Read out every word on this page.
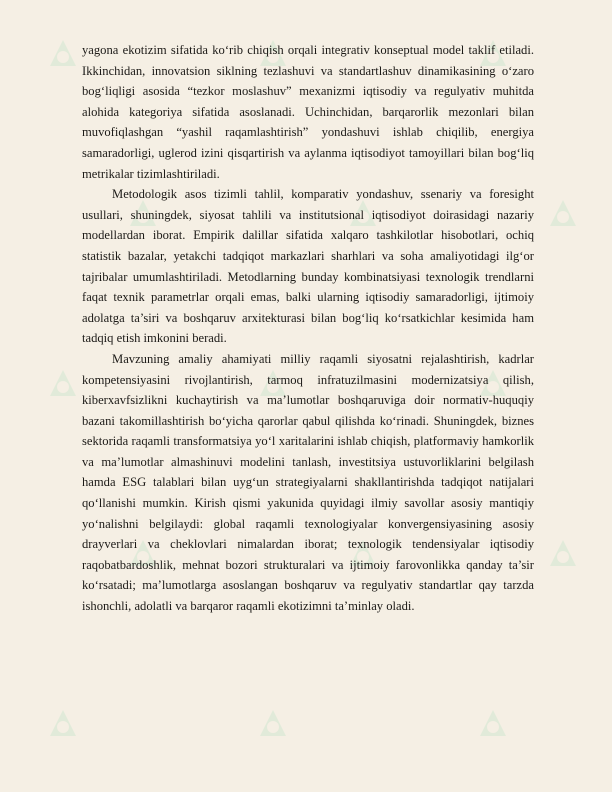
yagona ekotizim sifatida ko‘rib chiqish orqali integrativ konseptual model taklif etiladi. Ikkinchidan, innovatsion siklning tezlashuvi va standartlashuv dinamikasining o‘zaro bog‘liqligi asosida “tezkor moslashuv” mexanizmi iqtisodiy va regulyativ muhitda alohida kategoriya sifatida asoslanadi. Uchinchidan, barqarorlik mezonlari bilan muvofiqlashgan “yashil raqamlashtirish” yondashuvi ishlab chiqilib, energiya samaradorligi, uglerod izini qisqartirish va aylanma iqtisodiyot tamoyillari bilan bog‘liq metrikalar tizimlashtiriladi.

Metodologik asos tizimli tahlil, komparativ yondashuv, ssenariy va foresight usullari, shuningdek, siyosat tahlili va institutsional iqtisodiyot doirasidagi nazariy modellardan iborat. Empirik dalillar sifatida xalqaro tashkilotlar hisobotlari, ochiq statistik bazalar, yetakchi tadqiqot markazlari sharhlari va soha amaliyotidagi ilg‘or tajribalar umumlashtiriladi. Metodlarning bunday kombinatsiyasi texnologik trendlarni faqat texnik parametrlar orqali emas, balki ularning iqtisodiy samaradorligi, ijtimoiy adolatga ta’siri va boshqaruv arxitekturasi bilan bog‘liq ko‘rsatkichlar kesimida ham tadqiq etish imkonini beradi.

Mavzuning amaliy ahamiyati milliy raqamli siyosatni rejalashtirish, kadrlar kompetensiyasini rivojlantirish, tarmoq infratuzilmasini modernizatsiya qilish, kiberxavfsizlikni kuchaytirish va ma’lumotlar boshqaruviga doir normativ-huquqiy bazani takomillashtirish bo‘yicha qarorlar qabul qilishda ko‘rinadi. Shuningdek, biznes sektorida raqamli transformatsiya yo‘l xaritalarini ishlab chiqish, platformaviy hamkorlik va ma’lumotlar almashinuvi modelini tanlash, investitsiya ustuvorliklarini belgilash hamda ESG talablari bilan uyg‘un strategiyalarni shakllantirishda tadqiqot natijalari qo‘llanishi mumkin. Kirish qismi yakunida quyidagi ilmiy savollar asosiy mantiqiy yo‘nalishni belgilaydi: global raqamli texnologiyalar konvergensiyasining asosiy drayverlari va cheklovlari nimalardan iborat; texnologik tendensiyalar iqtisodiy raqobatbardoshlik, mehnat bozori strukturalari va ijtimoiy farovonlikka qanday ta’sir ko‘rsatadi; ma’lumotlarga asoslangan boshqaruv va regulyativ standartlar qay tarzda ishonchli, adolatli va barqaror raqamli ekotizimni ta’minlay oladi.
